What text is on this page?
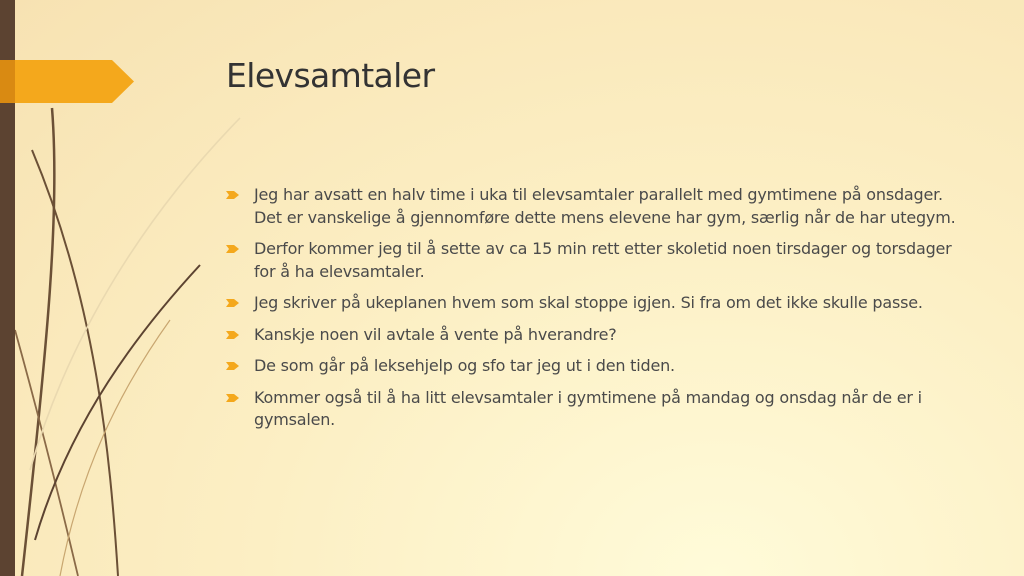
Elevsamtaler
Jeg har avsatt en halv time i uka til elevsamtaler parallelt med gymtimene på onsdager. Det er vanskelige å gjennomføre dette mens elevene har gym, særlig når de har utegym.
Derfor kommer jeg til å sette av ca 15 min rett etter skoletid noen tirsdager og torsdager for å ha elevsamtaler.
Jeg skriver på ukeplanen hvem som skal stoppe igjen. Si fra om det ikke skulle passe.
Kanskje noen vil avtale å vente på hverandre?
De som går på leksehjelp og sfo tar jeg ut i den tiden.
Kommer også til å ha litt elevsamtaler i gymtimene på mandag og onsdag når de er i gymsalen.
